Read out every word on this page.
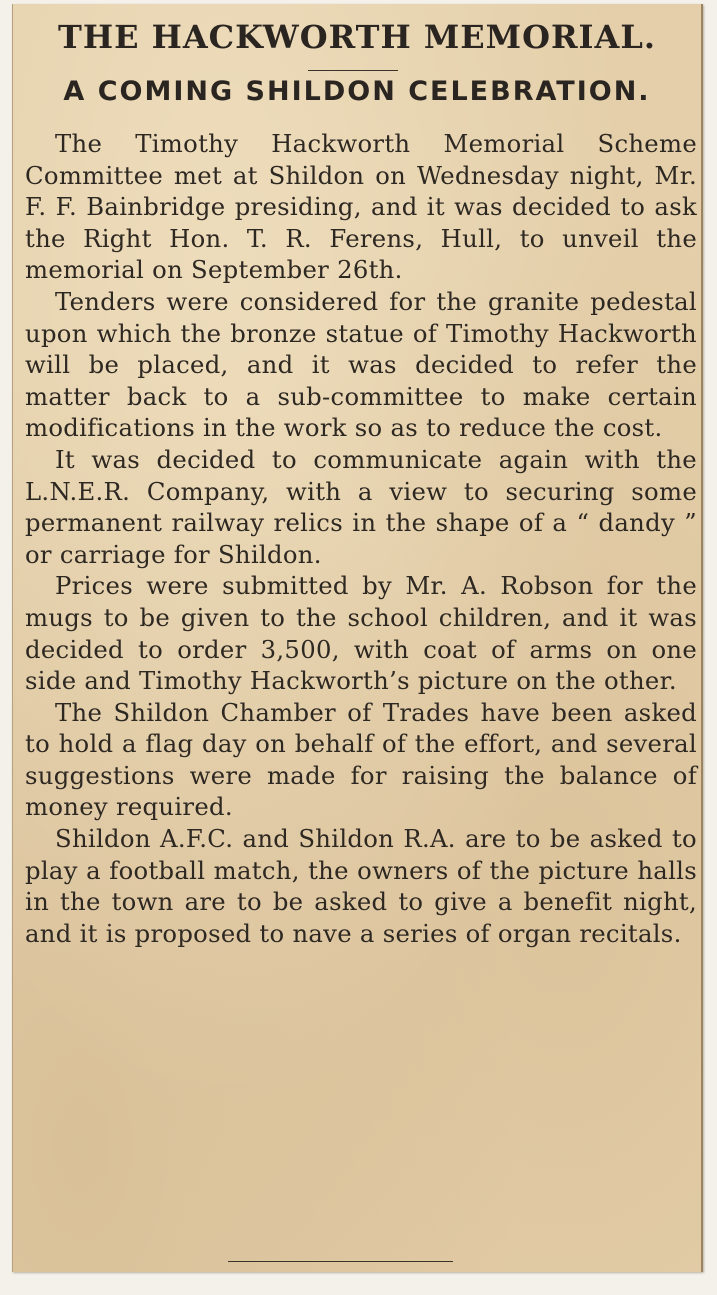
THE HACKWORTH MEMORIAL.
A COMING SHILDON CELEBRATION.

The Timothy Hackworth Memorial Scheme Committee met at Shildon on Wednesday night, Mr. F. F. Bainbridge presiding, and it was decided to ask the Right Hon. T. R. Ferens, Hull, to unveil the memorial on September 26th.

Tenders were considered for the granite pedestal upon which the bronze statue of Timothy Hackworth will be placed, and it was decided to refer the matter back to a sub-committee to make certain modifications in the work so as to reduce the cost.

It was decided to communicate again with the L.N.E.R. Company, with a view to securing some permanent railway relics in the shape of a “ dandy ” or carriage for Shildon.

Prices were submitted by Mr. A. Robson for the mugs to be given to the school children, and it was decided to order 3,500, with coat of arms on one side and Timothy Hackworth’s picture on the other.

The Shildon Chamber of Trades have been asked to hold a flag day on behalf of the effort, and several suggestions were made for raising the balance of money required.

Shildon A.F.C. and Shildon R.A. are to be asked to play a football match, the owners of the picture halls in the town are to be asked to give a benefit night, and it is proposed to nave a series of organ recitals.
